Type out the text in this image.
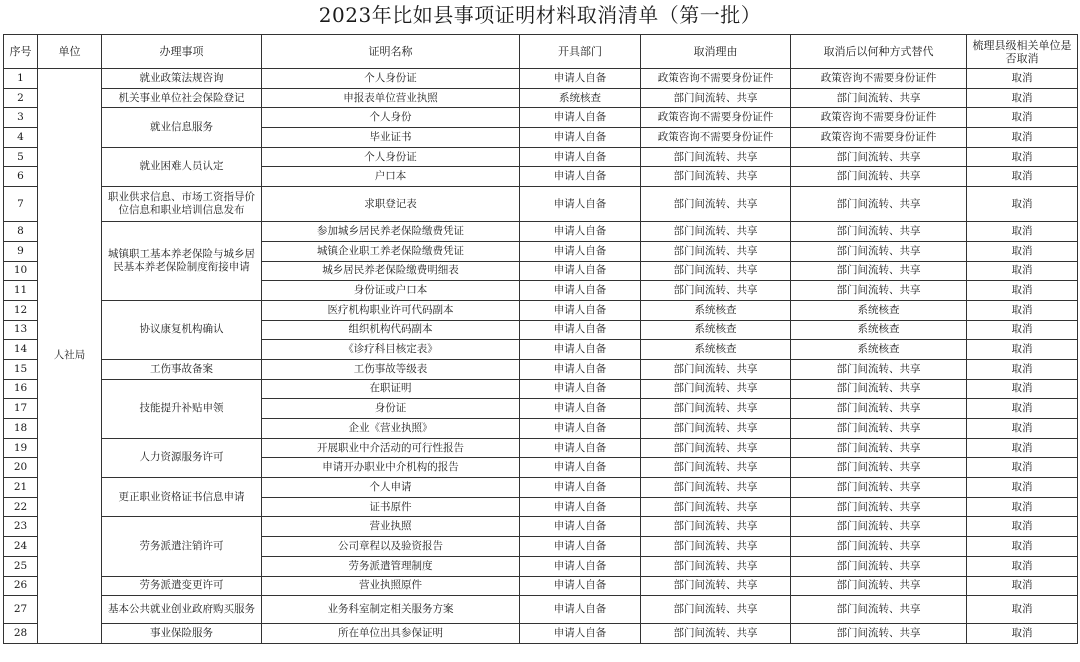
2023年比如县事项证明材料取消清单（第一批）
序号	单位	办理事项	证明名称	开具部门	取消理由	取消后以何种方式替代	梳理县级相关单位是否取消
1	人社局	就业政策法规咨询	个人身份证	申请人自备	政策咨询不需要身份证件	政策咨询不需要身份证件	取消
2		机关事业单位社会保险登记	申报表单位营业执照	系统核查	部门间流转、共享	部门间流转、共享	取消
3		就业信息服务	个人身份	申请人自备	政策咨询不需要身份证件	政策咨询不需要身份证件	取消
4			毕业证书	申请人自备	政策咨询不需要身份证件	政策咨询不需要身份证件	取消
5		就业困难人员认定	个人身份证	申请人自备	部门间流转、共享	部门间流转、共享	取消
6			户口本	申请人自备	部门间流转、共享	部门间流转、共享	取消
7		职业供求信息、市场工资指导价位信息和职业培训信息发布	求职登记表	申请人自备	部门间流转、共享	部门间流转、共享	取消
8		城镇职工基本养老保险与城乡居民基本养老保险制度衔接申请	参加城乡居民养老保险缴费凭证	申请人自备	部门间流转、共享	部门间流转、共享	取消
9			城镇企业职工养老保险缴费凭证	申请人自备	部门间流转、共享	部门间流转、共享	取消
10			城乡居民养老保险缴费明细表	申请人自备	部门间流转、共享	部门间流转、共享	取消
11			身份证或户口本	申请人自备	部门间流转、共享	部门间流转、共享	取消
12		协议康复机构确认	医疗机构职业许可代码副本	申请人自备	系统核查	系统核查	取消
13			组织机构代码副本	申请人自备	系统核查	系统核查	取消
14			《诊疗科目核定表》	申请人自备	系统核查	系统核查	取消
15		工伤事故备案	工伤事故等级表	申请人自备	部门间流转、共享	部门间流转、共享	取消
16		技能提升补贴申领	在职证明	申请人自备	部门间流转、共享	部门间流转、共享	取消
17			身份证	申请人自备	部门间流转、共享	部门间流转、共享	取消
18			企业《营业执照》	申请人自备	部门间流转、共享	部门间流转、共享	取消
19		人力资源服务许可	开展职业中介活动的可行性报告	申请人自备	部门间流转、共享	部门间流转、共享	取消
20			申请开办职业中介机构的报告	申请人自备	部门间流转、共享	部门间流转、共享	取消
21		更正职业资格证书信息申请	个人申请	申请人自备	部门间流转、共享	部门间流转、共享	取消
22			证书原件	申请人自备	部门间流转、共享	部门间流转、共享	取消
23		劳务派遣注销许可	营业执照	申请人自备	部门间流转、共享	部门间流转、共享	取消
24			公司章程以及验资报告	申请人自备	部门间流转、共享	部门间流转、共享	取消
25			劳务派遣管理制度	申请人自备	部门间流转、共享	部门间流转、共享	取消
26		劳务派遣变更许可	营业执照原件	申请人自备	部门间流转、共享	部门间流转、共享	取消
27		基本公共就业创业政府购买服务	业务科室制定相关服务方案	申请人自备	部门间流转、共享	部门间流转、共享	取消
28		事业保险服务	所在单位出具参保证明	申请人自备	部门间流转、共享	部门间流转、共享	取消
